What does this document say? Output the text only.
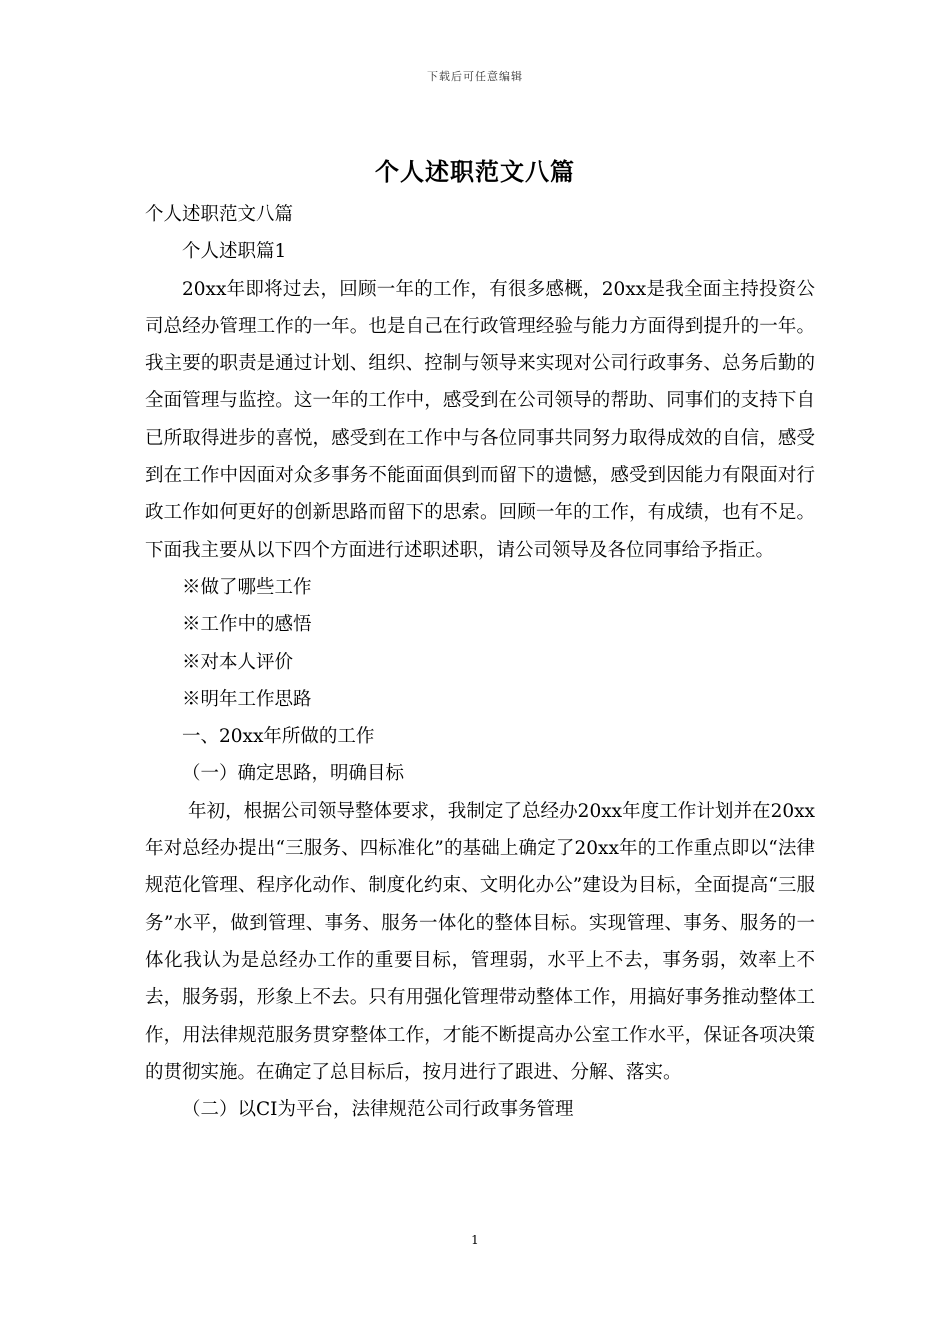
下载后可任意编辑
个人述职范文八篇

个人述职范文八篇

个人述职篇1

20xx年即将过去，回顾一年的工作，有很多感概，20xx是我全面主持投资公司总经办管理工作的一年。也是自己在行政管理经验与能力方面得到提升的一年。我主要的职责是通过计划、组织、控制与领导来实现对公司行政事务、总务后勤的全面管理与监控。这一年的工作中，感受到在公司领导的帮助、同事们的支持下自已所取得进步的喜悦，感受到在工作中与各位同事共同努力取得成效的自信，感受到在工作中因面对众多事务不能面面俱到而留下的遗憾，感受到因能力有限面对行政工作如何更好的创新思路而留下的思索。回顾一年的工作，有成绩，也有不足。下面我主要从以下四个方面进行述职述职，请公司领导及各位同事给予指正。

※做了哪些工作

※工作中的感悟

※对本人评价

※明年工作思路

一、20xx年所做的工作

（一）确定思路，明确目标

年初，根据公司领导整体要求，我制定了总经办20xx年度工作计划并在20xx年对总经办提出“三服务、四标准化”的基础上确定了20xx年的工作重点即以“法律规范化管理、程序化动作、制度化约束、文明化办公”建设为目标，全面提高“三服务”水平，做到管理、事务、服务一体化的整体目标。实现管理、事务、服务的一体化我认为是总经办工作的重要目标，管理弱，水平上不去，事务弱，效率上不去，服务弱，形象上不去。只有用强化管理带动整体工作，用搞好事务推动整体工作，用法律规范服务贯穿整体工作，才能不断提高办公室工作水平，保证各项决策的贯彻实施。在确定了总目标后，按月进行了跟进、分解、落实。

（二）以CI为平台，法律规范公司行政事务管理

1
